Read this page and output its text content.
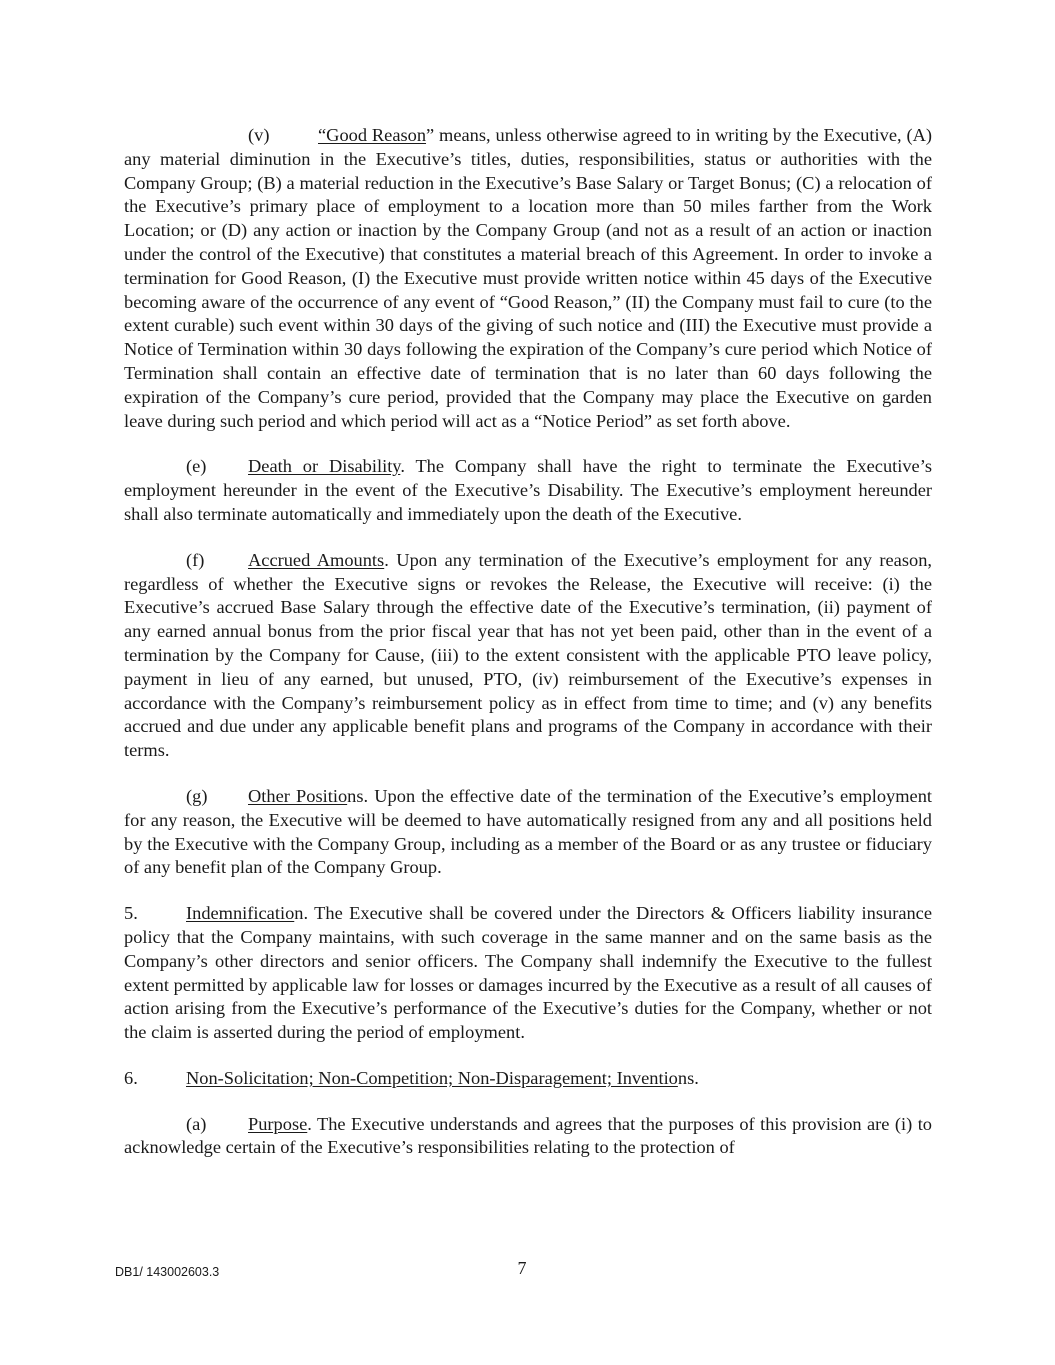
(v)	“Good Reason” means, unless otherwise agreed to in writing by the Executive, (A) any material diminution in the Executive’s titles, duties, responsibilities, status or authorities with the Company Group; (B) a material reduction in the Executive’s Base Salary or Target Bonus; (C) a relocation of the Executive’s primary place of employment to a location more than 50 miles farther from the Work Location; or (D) any action or inaction by the Company Group (and not as a result of an action or inaction under the control of the Executive) that constitutes a material breach of this Agreement. In order to invoke a termination for Good Reason, (I) the Executive must provide written notice within 45 days of the Executive becoming aware of the occurrence of any event of “Good Reason,” (II) the Company must fail to cure (to the extent curable) such event within 30 days of the giving of such notice and (III) the Executive must provide a Notice of Termination within 30 days following the expiration of the Company’s cure period which Notice of Termination shall contain an effective date of termination that is no later than 60 days following the expiration of the Company’s cure period, provided that the Company may place the Executive on garden leave during such period and which period will act as a “Notice Period” as set forth above.

(e) Death or Disability. The Company shall have the right to terminate the Executive’s employment hereunder in the event of the Executive’s Disability. The Executive’s employment hereunder shall also terminate automatically and immediately upon the death of the Executive.

(f) Accrued Amounts. Upon any termination of the Executive’s employment for any reason, regardless of whether the Executive signs or revokes the Release, the Executive will receive: (i) the Executive’s accrued Base Salary through the effective date of the Executive’s termination, (ii) payment of any earned annual bonus from the prior fiscal year that has not yet been paid, other than in the event of a termination by the Company for Cause, (iii) to the extent consistent with the applicable PTO leave policy, payment in lieu of any earned, but unused, PTO, (iv) reimbursement of the Executive’s expenses in accordance with the Company’s reimbursement policy as in effect from time to time; and (v) any benefits accrued and due under any applicable benefit plans and programs of the Company in accordance with their terms.

(g) Other Positions. Upon the effective date of the termination of the Executive’s employment for any reason, the Executive will be deemed to have automatically resigned from any and all positions held by the Executive with the Company Group, including as a member of the Board or as any trustee or fiduciary of any benefit plan of the Company Group.

5.	Indemnification. The Executive shall be covered under the Directors & Officers liability insurance policy that the Company maintains, with such coverage in the same manner and on the same basis as the Company’s other directors and senior officers. The Company shall indemnify the Executive to the fullest extent permitted by applicable law for losses or damages incurred by the Executive as a result of all causes of action arising from the Executive’s performance of the Executive’s duties for the Company, whether or not the claim is asserted during the period of employment.

6.	Non-Solicitation; Non-Competition; Non-Disparagement; Inventions.

(a) Purpose. The Executive understands and agrees that the purposes of this provision are (i) to acknowledge certain of the Executive’s responsibilities relating to the protection of

DB1/ 143002603.3	7
